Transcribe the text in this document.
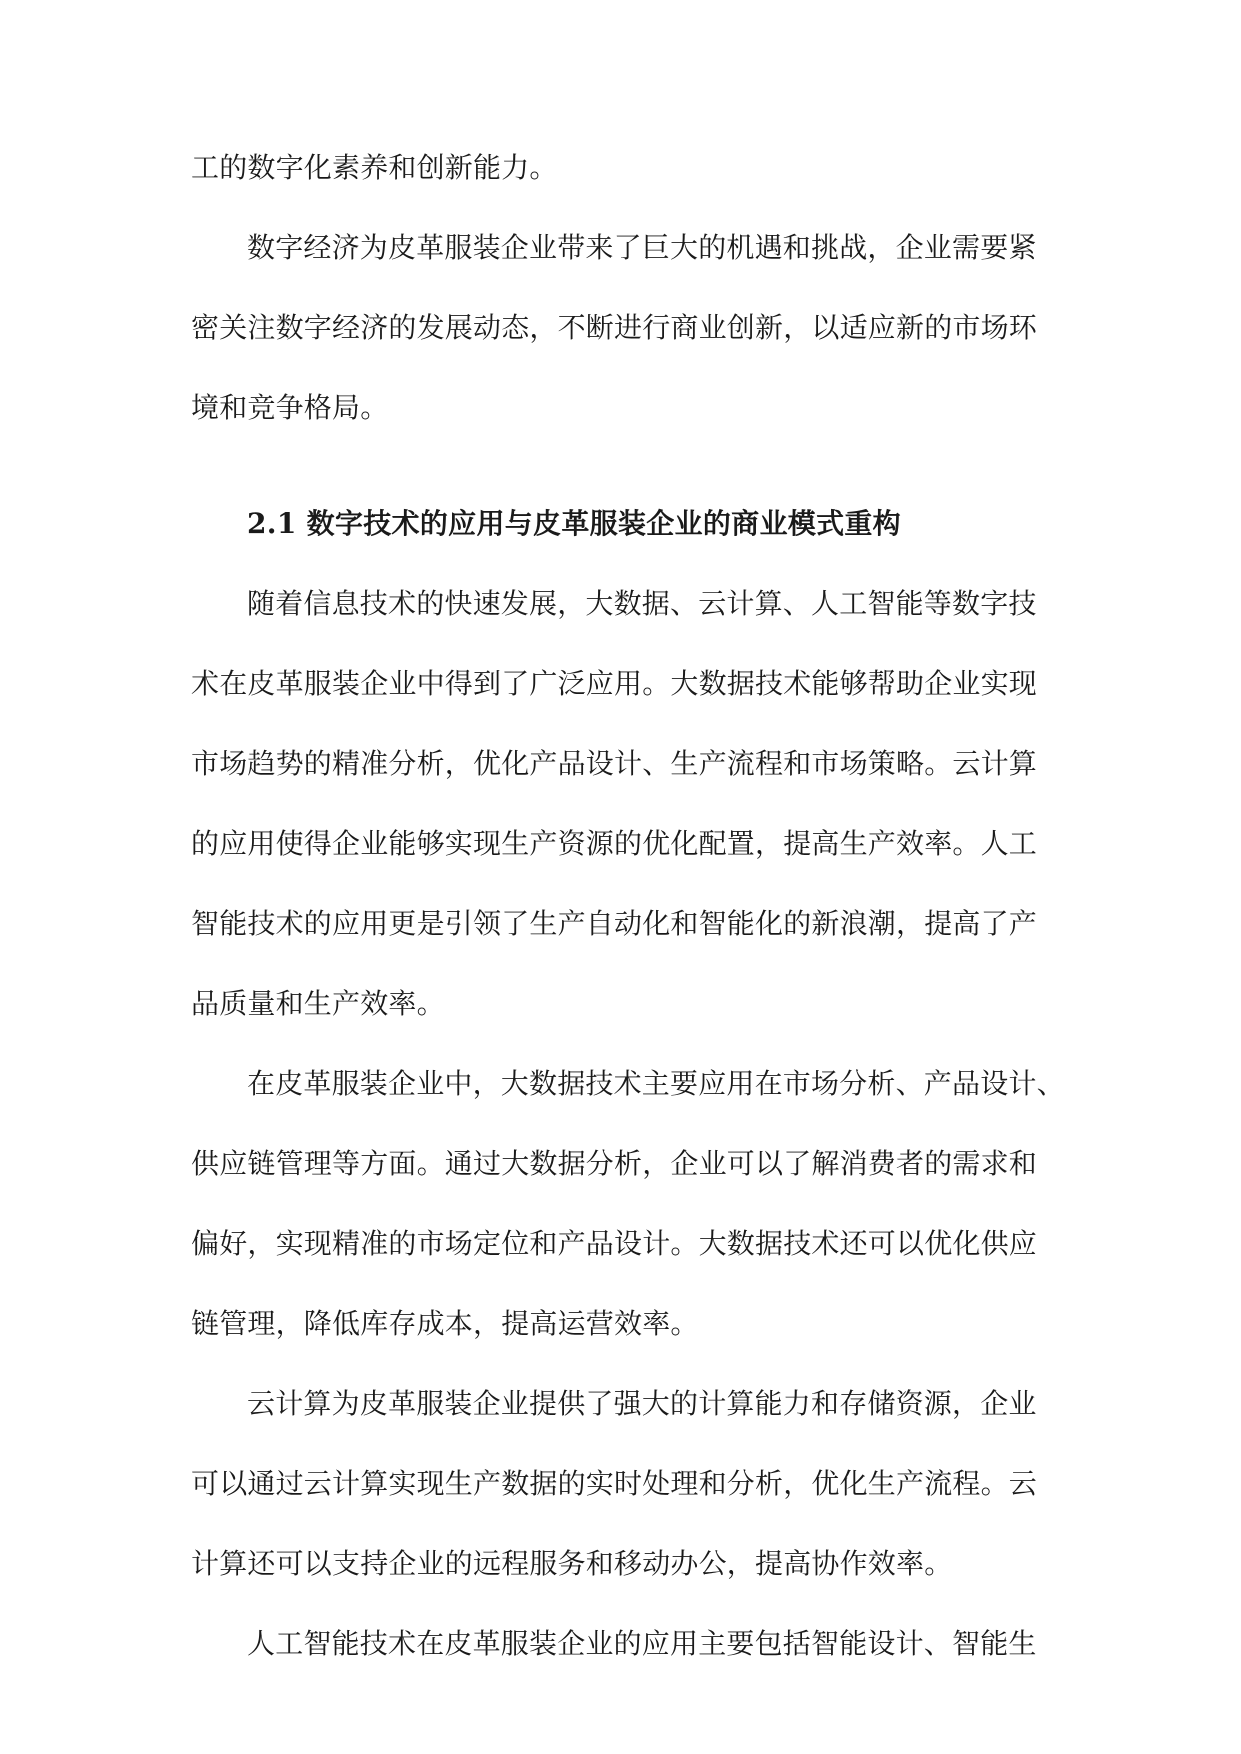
工的数字化素养和创新能力。
数字经济为皮革服装企业带来了巨大的机遇和挑战，企业需要紧
密关注数字经济的发展动态，不断进行商业创新，以适应新的市场环
境和竞争格局。
2.1 数字技术的应用与皮革服装企业的商业模式重构
随着信息技术的快速发展，大数据、云计算、人工智能等数字技
术在皮革服装企业中得到了广泛应用。大数据技术能够帮助企业实现
市场趋势的精准分析，优化产品设计、生产流程和市场策略。云计算
的应用使得企业能够实现生产资源的优化配置，提高生产效率。人工
智能技术的应用更是引领了生产自动化和智能化的新浪潮，提高了产
品质量和生产效率。
在皮革服装企业中，大数据技术主要应用在市场分析、产品设计、
供应链管理等方面。通过大数据分析，企业可以了解消费者的需求和
偏好，实现精准的市场定位和产品设计。大数据技术还可以优化供应
链管理，降低库存成本，提高运营效率。
云计算为皮革服装企业提供了强大的计算能力和存储资源，企业
可以通过云计算实现生产数据的实时处理和分析，优化生产流程。云
计算还可以支持企业的远程服务和移动办公，提高协作效率。
人工智能技术在皮革服装企业的应用主要包括智能设计、智能生
